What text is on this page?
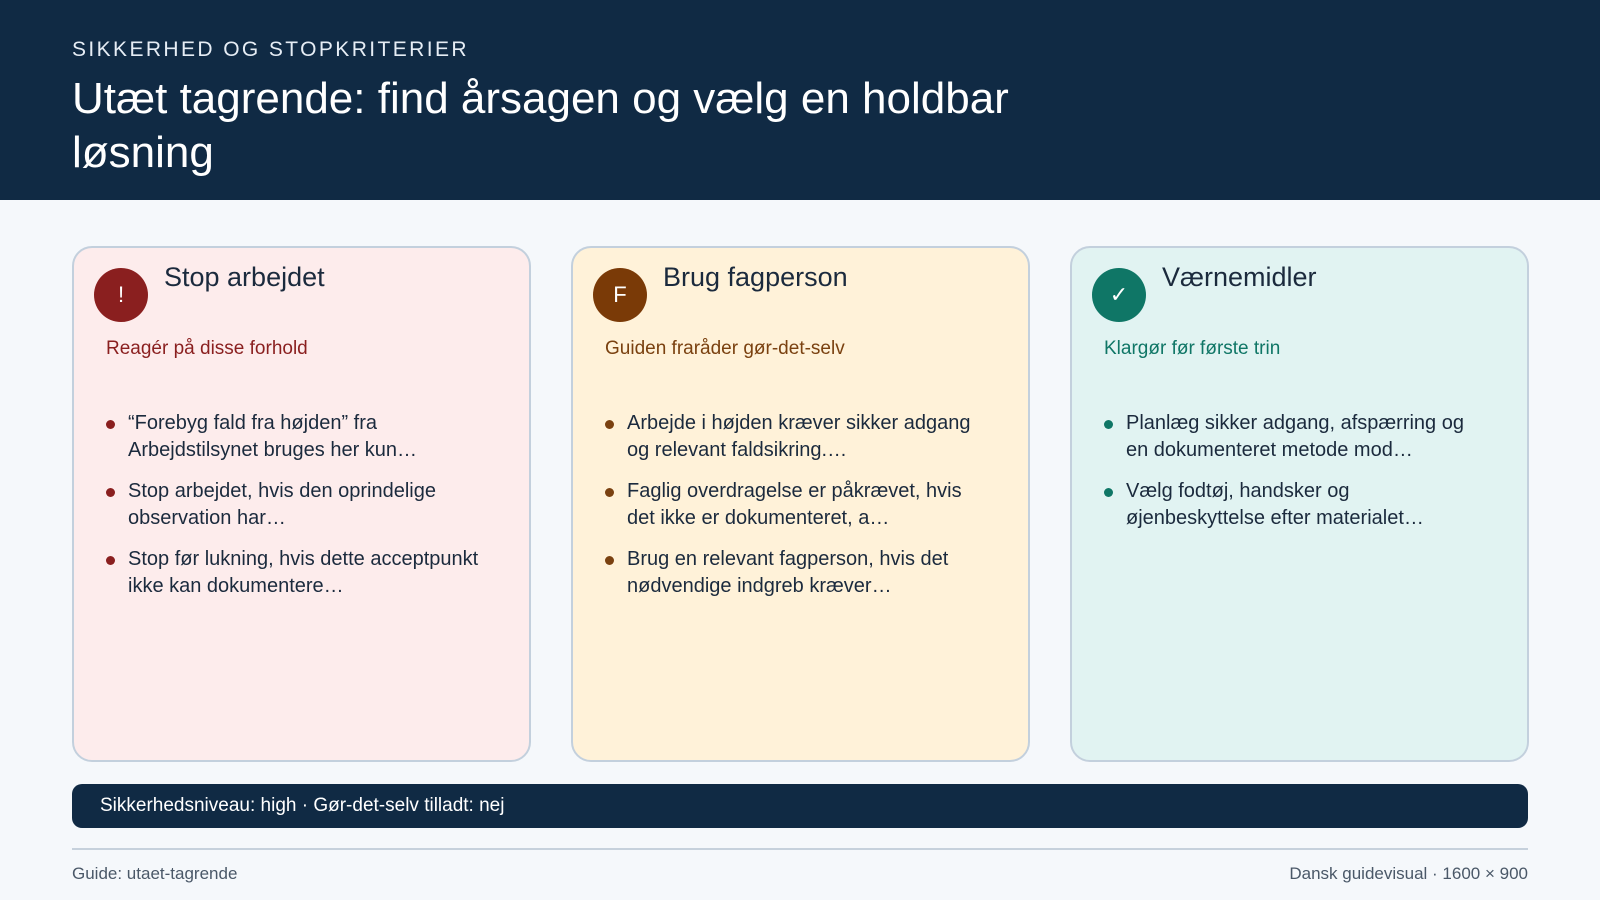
SIKKERHED OG STOPKRITERIER
Utæt tagrende: find årsagen og vælg en holdbar løsning
!
Stop arbejdet
Reagér på disse forhold
“Forebyg fald fra højden” fra Arbejdstilsynet bruges her kun…
Stop arbejdet, hvis den oprindelige observation har…
Stop før lukning, hvis dette acceptpunkt ikke kan dokumentere…
F
Brug fagperson
Guiden fraråder gør-det-selv
Arbejde i højden kræver sikker adgang og relevant faldsikring.…
Faglig overdragelse er påkrævet, hvis det ikke er dokumenteret, a…
Brug en relevant fagperson, hvis det nødvendige indgreb kræver…
✓
Værnemidler
Klargør før første trin
Planlæg sikker adgang, afspærring og en dokumenteret metode mod…
Vælg fodtøj, handsker og øjenbeskyttelse efter materialet…
Sikkerhedsniveau: high · Gør-det-selv tilladt: nej
Guide: utaet-tagrende	Dansk guidevisual · 1600 × 900
